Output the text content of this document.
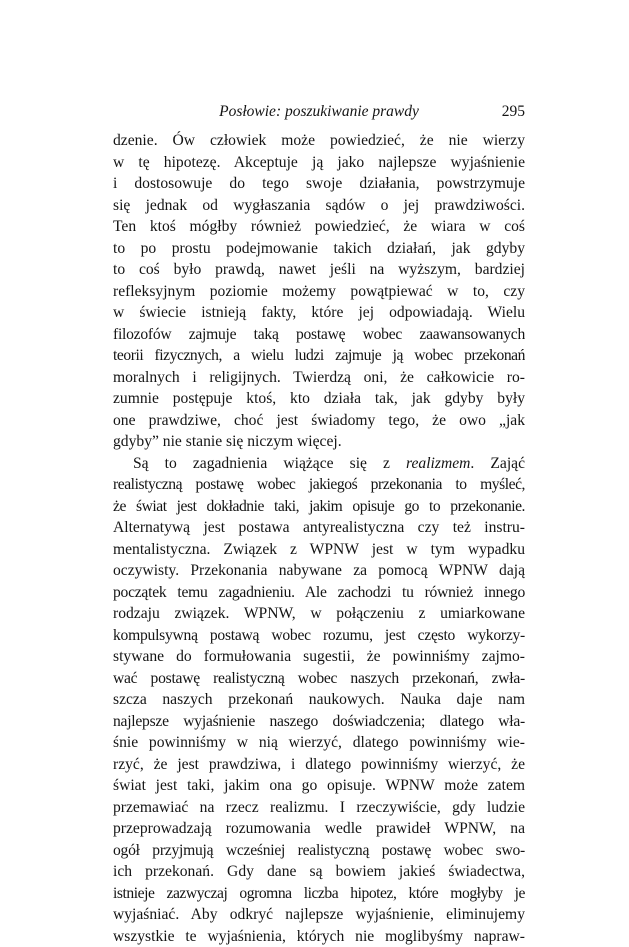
Posłowie: poszukiwanie prawdy	295
dzenie. Ów człowiek może powiedzieć, że nie wierzy
w tę hipotezę. Akceptuje ją jako najlepsze wyjaśnienie
i dostosowuje do tego swoje działania, powstrzymuje
się jednak od wygłaszania sądów o jej prawdziwości.
Ten ktoś mógłby również powiedzieć, że wiara w coś
to po prostu podejmowanie takich działań, jak gdyby
to coś było prawdą, nawet jeśli na wyższym, bardziej
refleksyjnym poziomie możemy powątpiewać w to, czy
w świecie istnieją fakty, które jej odpowiadają. Wielu
filozofów zajmuje taką postawę wobec zaawansowanych
teorii fizycznych, a wielu ludzi zajmuje ją wobec przekonań
moralnych i religijnych. Twierdzą oni, że całkowicie ro-
zumnie postępuje ktoś, kto działa tak, jak gdyby były
one prawdziwe, choć jest świadomy tego, że owo „jak
gdyby” nie stanie się niczym więcej.
Są to zagadnienia wiążące się z realizmem. Zająć
realistyczną postawę wobec jakiegoś przekonania to myśleć,
że świat jest dokładnie taki, jakim opisuje go to przekonanie.
Alternatywą jest postawa antyrealistyczna czy też instru-
mentalistyczna. Związek z WPNW jest w tym wypadku
oczywisty. Przekonania nabywane za pomocą WPNW dają
początek temu zagadnieniu. Ale zachodzi tu również innego
rodzaju związek. WPNW, w połączeniu z umiarkowane
kompulsywną postawą wobec rozumu, jest często wykorzy-
stywane do formułowania sugestii, że powinniśmy zajmo-
wać postawę realistyczną wobec naszych przekonań, zwła-
szcza naszych przekonań naukowych. Nauka daje nam
najlepsze wyjaśnienie naszego doświadczenia; dlatego wła-
śnie powinniśmy w nią wierzyć, dlatego powinniśmy wie-
rzyć, że jest prawdziwa, i dlatego powinniśmy wierzyć, że
świat jest taki, jakim ona go opisuje. WPNW może zatem
przemawiać na rzecz realizmu. I rzeczywiście, gdy ludzie
przeprowadzają rozumowania wedle prawideł WPNW, na
ogół przyjmują wcześniej realistyczną postawę wobec swo-
ich przekonań. Gdy dane są bowiem jakieś świadectwa,
istnieje zazwyczaj ogromna liczba hipotez, które mogłyby je
wyjaśniać. Aby odkryć najlepsze wyjaśnienie, eliminujemy
wszystkie te wyjaśnienia, których nie moglibyśmy napraw-
